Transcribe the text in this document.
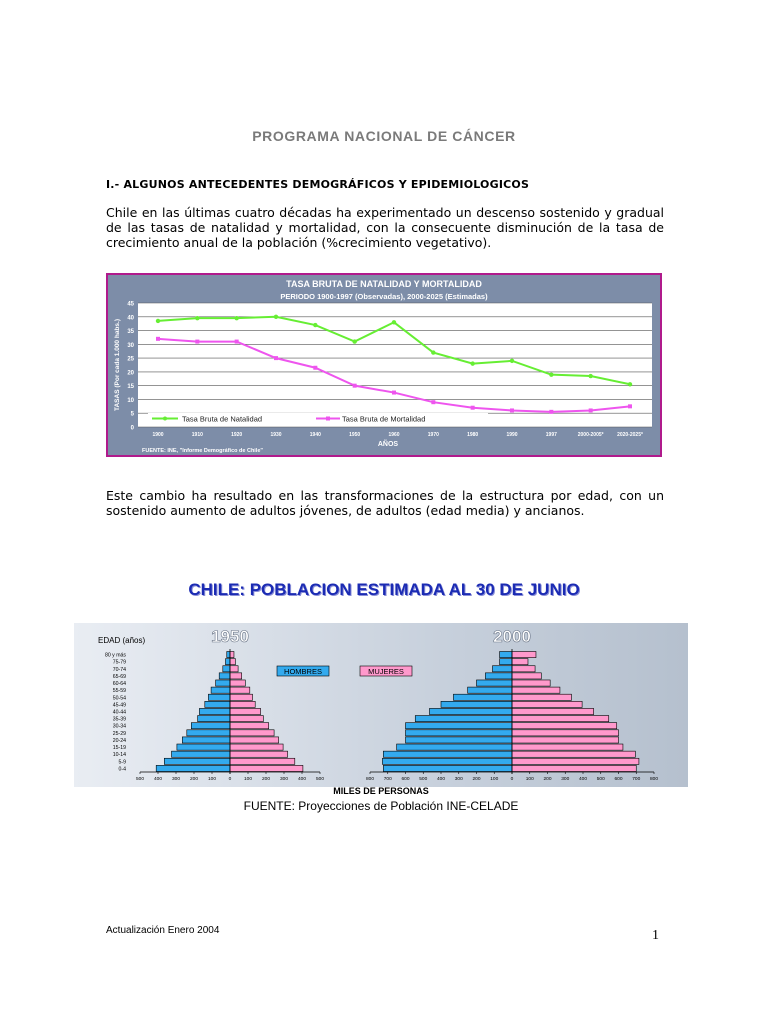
PROGRAMA NACIONAL DE CÁNCER
I.- ALGUNOS ANTECEDENTES DEMOGRÁFICOS Y EPIDEMIOLOGICOS
Chile en las últimas cuatro décadas ha experimentado un descenso sostenido y gradual de las tasas de natalidad y mortalidad, con la consecuente disminución de la tasa de crecimiento anual de la población (%crecimiento vegetativo).
TASA BRUTA DE NATALIDAD Y MORTALIDAD
PERIODO 1900-1997 (Observadas), 2000-2025 (Estimadas)
0
5
10
15
20
25
30
35
40
45
TASAS (Por cada 1.000 habs.)
1900	1910	1920	1930	1940	1950	1960	1970	1980	1990	1997	2000-2005*	2020-2025*
AÑOS
FUENTE: INE, "Informe Demográfico de Chile"
Tasa Bruta de Natalidad	Tasa Bruta de Mortalidad
Este cambio ha resultado en las transformaciones de la estructura por edad, con un sostenido aumento de adultos jóvenes, de adultos (edad media) y ancianos.
CHILE: POBLACION ESTIMADA AL 30 DE JUNIO
EDAD (años)
0-4
5-9
10-14
15-19
20-24
25-29
30-34
35-39
40-44
45-49
50-54
55-59
60-64
65-69
70-74
75-79
80 y más
1950
500 400 300 200 100	0	100 200 300 400 500
2000
800 700 600 500 400 300 200 100	0	100 200 300 400 500 600 700 800
HOMBRES	MUJERES
MILES DE PERSONAS
FUENTE: Proyecciones de Población INE-CELADE
Actualización Enero 2004	1
